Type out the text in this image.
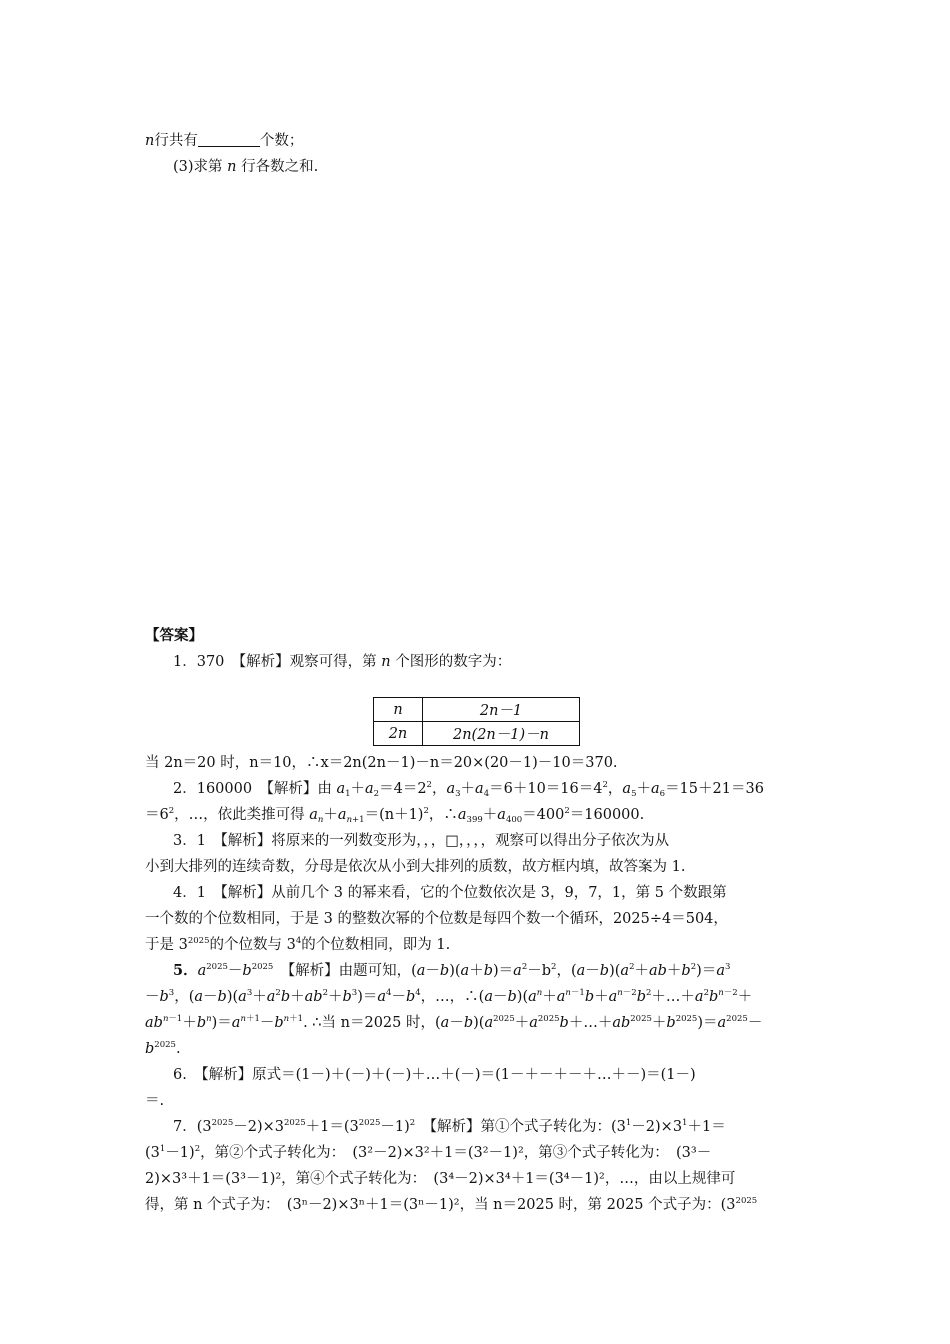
n行共有	个数；
(3)求第 n 行各数之和.
【答案】
1．370　 【解析】观察可得，第 n 个图形的数字为：
n	2n－1
2n	2n(2n－1)－n
当 2n＝20 时，n＝10，∴x＝2n(2n－1)－n＝20×(20－1)－10＝370.
2．160000　 【解析】由 $a_1+a_2=4=2^2$，$a_3+a_4=6+10=16=4^2$，$a_5+a_6=15+21=36$
$=6^2$，…，依此类推可得 $a_n+a_{n+1}=(n+1)^2$，$\therefore a_{399}+a_{400}=400^2=160000$.
3．1　【解析】将原来的一列数变形为，，，□，，，，观察可以得出分子依次为从
小到大排列的连续奇数，分母是依次从小到大排列的质数，故方框内填，故答案为 1.
4．1　【解析】从前几个 3 的幂来看，它的个位数依次是 3，9，7，1，第 5 个数跟第
一个数的个位数相同，于是 3 的整数次幂的个位数是每四个数一个循环，2025÷4＝504，
于是 $3^{2025}$的个位数与 $3^4$的个位数相同，即为 1.
5．$a^{2025}-b^{2025}$　 【解析】由题可知，$(a-b)(a+b)=a^2-b^2$，$(a-b)(a^2+ab+b^2)=a^3$
$-b^3$，$(a-b)(a^3+a^2b+ab^2+b^3)=a^4-b^4$，…，$\therefore(a-b)(a^n+a^{n-1}b+a^{n-2}b^2+\dots+a^2b^{n-2}+$
$ab^{n-1}+b^n)=a^{n+1}-b^{n+1}$. ∴当 n＝2025 时，$(a-b)(a^{2025}+a^{2025}b+\dots+ab^{2025}+b^{2025})=a^{2025}-$
$b^{2025}$.
6.　【解析】原式＝(1－)＋(－)＋(－)＋…＋(－)＝(1－＋－＋－＋…＋－)＝(1－)
＝.
7．$(3^{2025}-2)\times 3^{2025}+1=(3^{2025}-1)^2$　【解析】第①个式子转化为：$(3^1-2)\times 3^1+1=$
$(3^1-1)^2$，第②个式子转化为：　(3²－2)×3²＋1＝(3²－1)²，第③个式子转化为：　(3³－
2)×3³＋1＝(3³－1)²，第④个式子转化为：　(3⁴－2)×3⁴＋1＝(3⁴－1)²，…，由以上规律可
得，第 n 个式子为：　(3ⁿ－2)×3ⁿ＋1＝(3ⁿ－1)²，当 n＝2025 时，第 2025 个式子为：($3^{2025}$
